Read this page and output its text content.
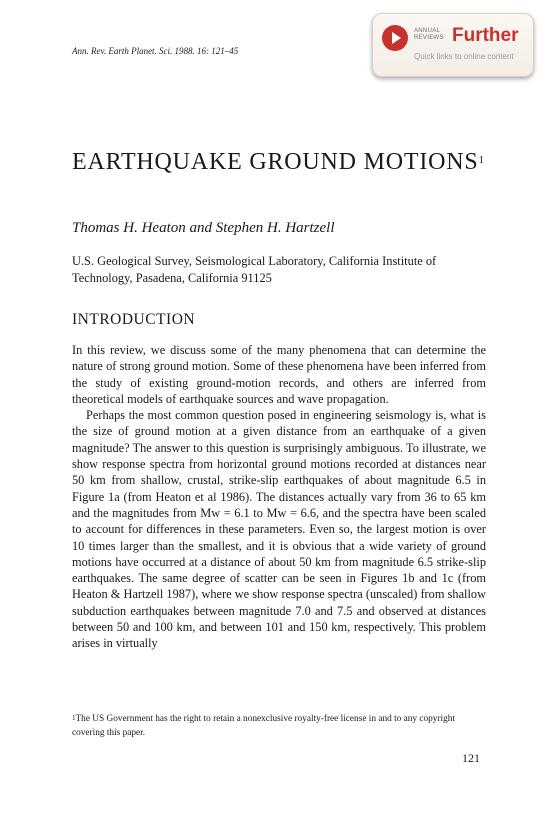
Ann. Rev. Earth Planet. Sci. 1988. 16: 121–45
ANNUAL REVIEWS Further
Quick links to online content
EARTHQUAKE GROUND MOTIONS$^1$
Thomas H. Heaton and Stephen H. Hartzell
U.S. Geological Survey, Seismological Laboratory, California Institute of Technology, Pasadena, California 91125
INTRODUCTION

In this review, we discuss some of the many phenomena that can determine the nature of strong ground motion. Some of these phenomena have been inferred from the study of existing ground-motion records, and others are inferred from theoretical models of earthquake sources and wave propagation.

Perhaps the most common question posed in engineering seismology is, what is the size of ground motion at a given distance from an earthquake of a given magnitude? The answer to this question is surprisingly ambiguous. To illustrate, we show response spectra from horizontal ground motions recorded at distances near 50 km from shallow, crustal, strike-slip earthquakes of about magnitude 6.5 in Figure 1a (from Heaton et al 1986). The distances actually vary from 36 to 65 km and the magnitudes from Mw = 6.1 to Mw = 6.6, and the spectra have been scaled to account for differences in these parameters. Even so, the largest motion is over 10 times larger than the smallest, and it is obvious that a wide variety of ground motions have occurred at a distance of about 50 km from magnitude 6.5 strike-slip earthquakes. The same degree of scatter can be seen in Figures 1b and 1c (from Heaton & Hartzell 1987), where we show response spectra (unscaled) from shallow subduction earthquakes between magnitude 7.0 and 7.5 and observed at distances between 50 and 100 km, and between 101 and 150 km, respectively. This problem arises in virtually

$^1$The US Government has the right to retain a nonexclusive royalty-free license in and to any copyright covering this paper.
121
